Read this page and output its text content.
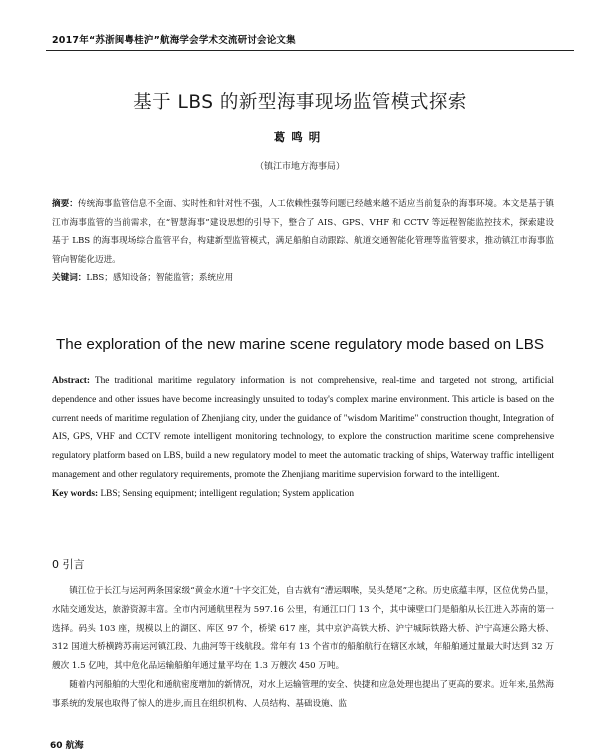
2017年“苏浙闽粤桂沪”航海学会学术交流研讨会论文集
基于 LBS 的新型海事现场监管模式探索
葛鸣明
（镇江市地方海事局）
摘要：传统海事监管信息不全面、实时性和针对性不强，人工依赖性强等问题已经越来越不适应当前复杂的海事环境。本文是基于镇江市海事监管的当前需求，在“智慧海事”建设思想的引导下，整合了 AIS、GPS、VHF 和 CCTV 等远程智能监控技术，探索建设基于 LBS 的海事现场综合监管平台，构建新型监管模式，满足船舶自动跟踪、航道交通智能化管理等监管要求，推动镇江市海事监管向智能化迈进。
关键词：LBS；感知设备；智能监管；系统应用
The exploration of the new marine scene regulatory mode based on LBS
Abstract: The traditional maritime regulatory information is not comprehensive, real-time and targeted not strong, artificial dependence and other issues have become increasingly unsuited to today's complex marine environment. This article is based on the current needs of maritime regulation of Zhenjiang city, under the guidance of "wisdom Maritime" construction thought, Integration of AIS, GPS, VHF and CCTV remote intelligent monitoring technology, to explore the construction maritime scene comprehensive regulatory platform based on LBS, build a new regulatory model to meet the automatic tracking of ships, Waterway traffic intelligent management and other regulatory requirements, promote the Zhenjiang maritime supervision forward to the intelligent.
Key words: LBS; Sensing equipment; intelligent regulation; System application
0 引言

镇江位于长江与运河两条国家级“黄金水道”十字交汇处，自古就有“漕运咽喉，吴头楚尾”之称。历史底蕴丰厚，区位优势凸显，水陆交通发达，旅游资源丰富。全市内河通航里程为 597.16 公里，有通江口门 13 个，其中谏壁口门是船舶从长江进入苏南的第一选择。码头 103 座，规模以上的湖区、库区 97 个，桥梁 617 座，其中京沪高铁大桥、沪宁城际铁路大桥、沪宁高速公路大桥、312 国道大桥横跨苏南运河镇江段、九曲河等干线航段。常年有 13 个省市的船舶航行在辖区水域，年船舶通过量最大时达到 32 万艘次 1.5 亿吨，其中危化品运输船舶年通过量平均在 1.3 万艘次 450 万吨。

随着内河船舶的大型化和通航密度增加的新情况，对水上运输管理的安全、快捷和应急处理也提出了更高的要求。近年来,虽然海事系统的发展也取得了惊人的进步,而且在组织机构、人员结构、基础设施、监

60 航海
